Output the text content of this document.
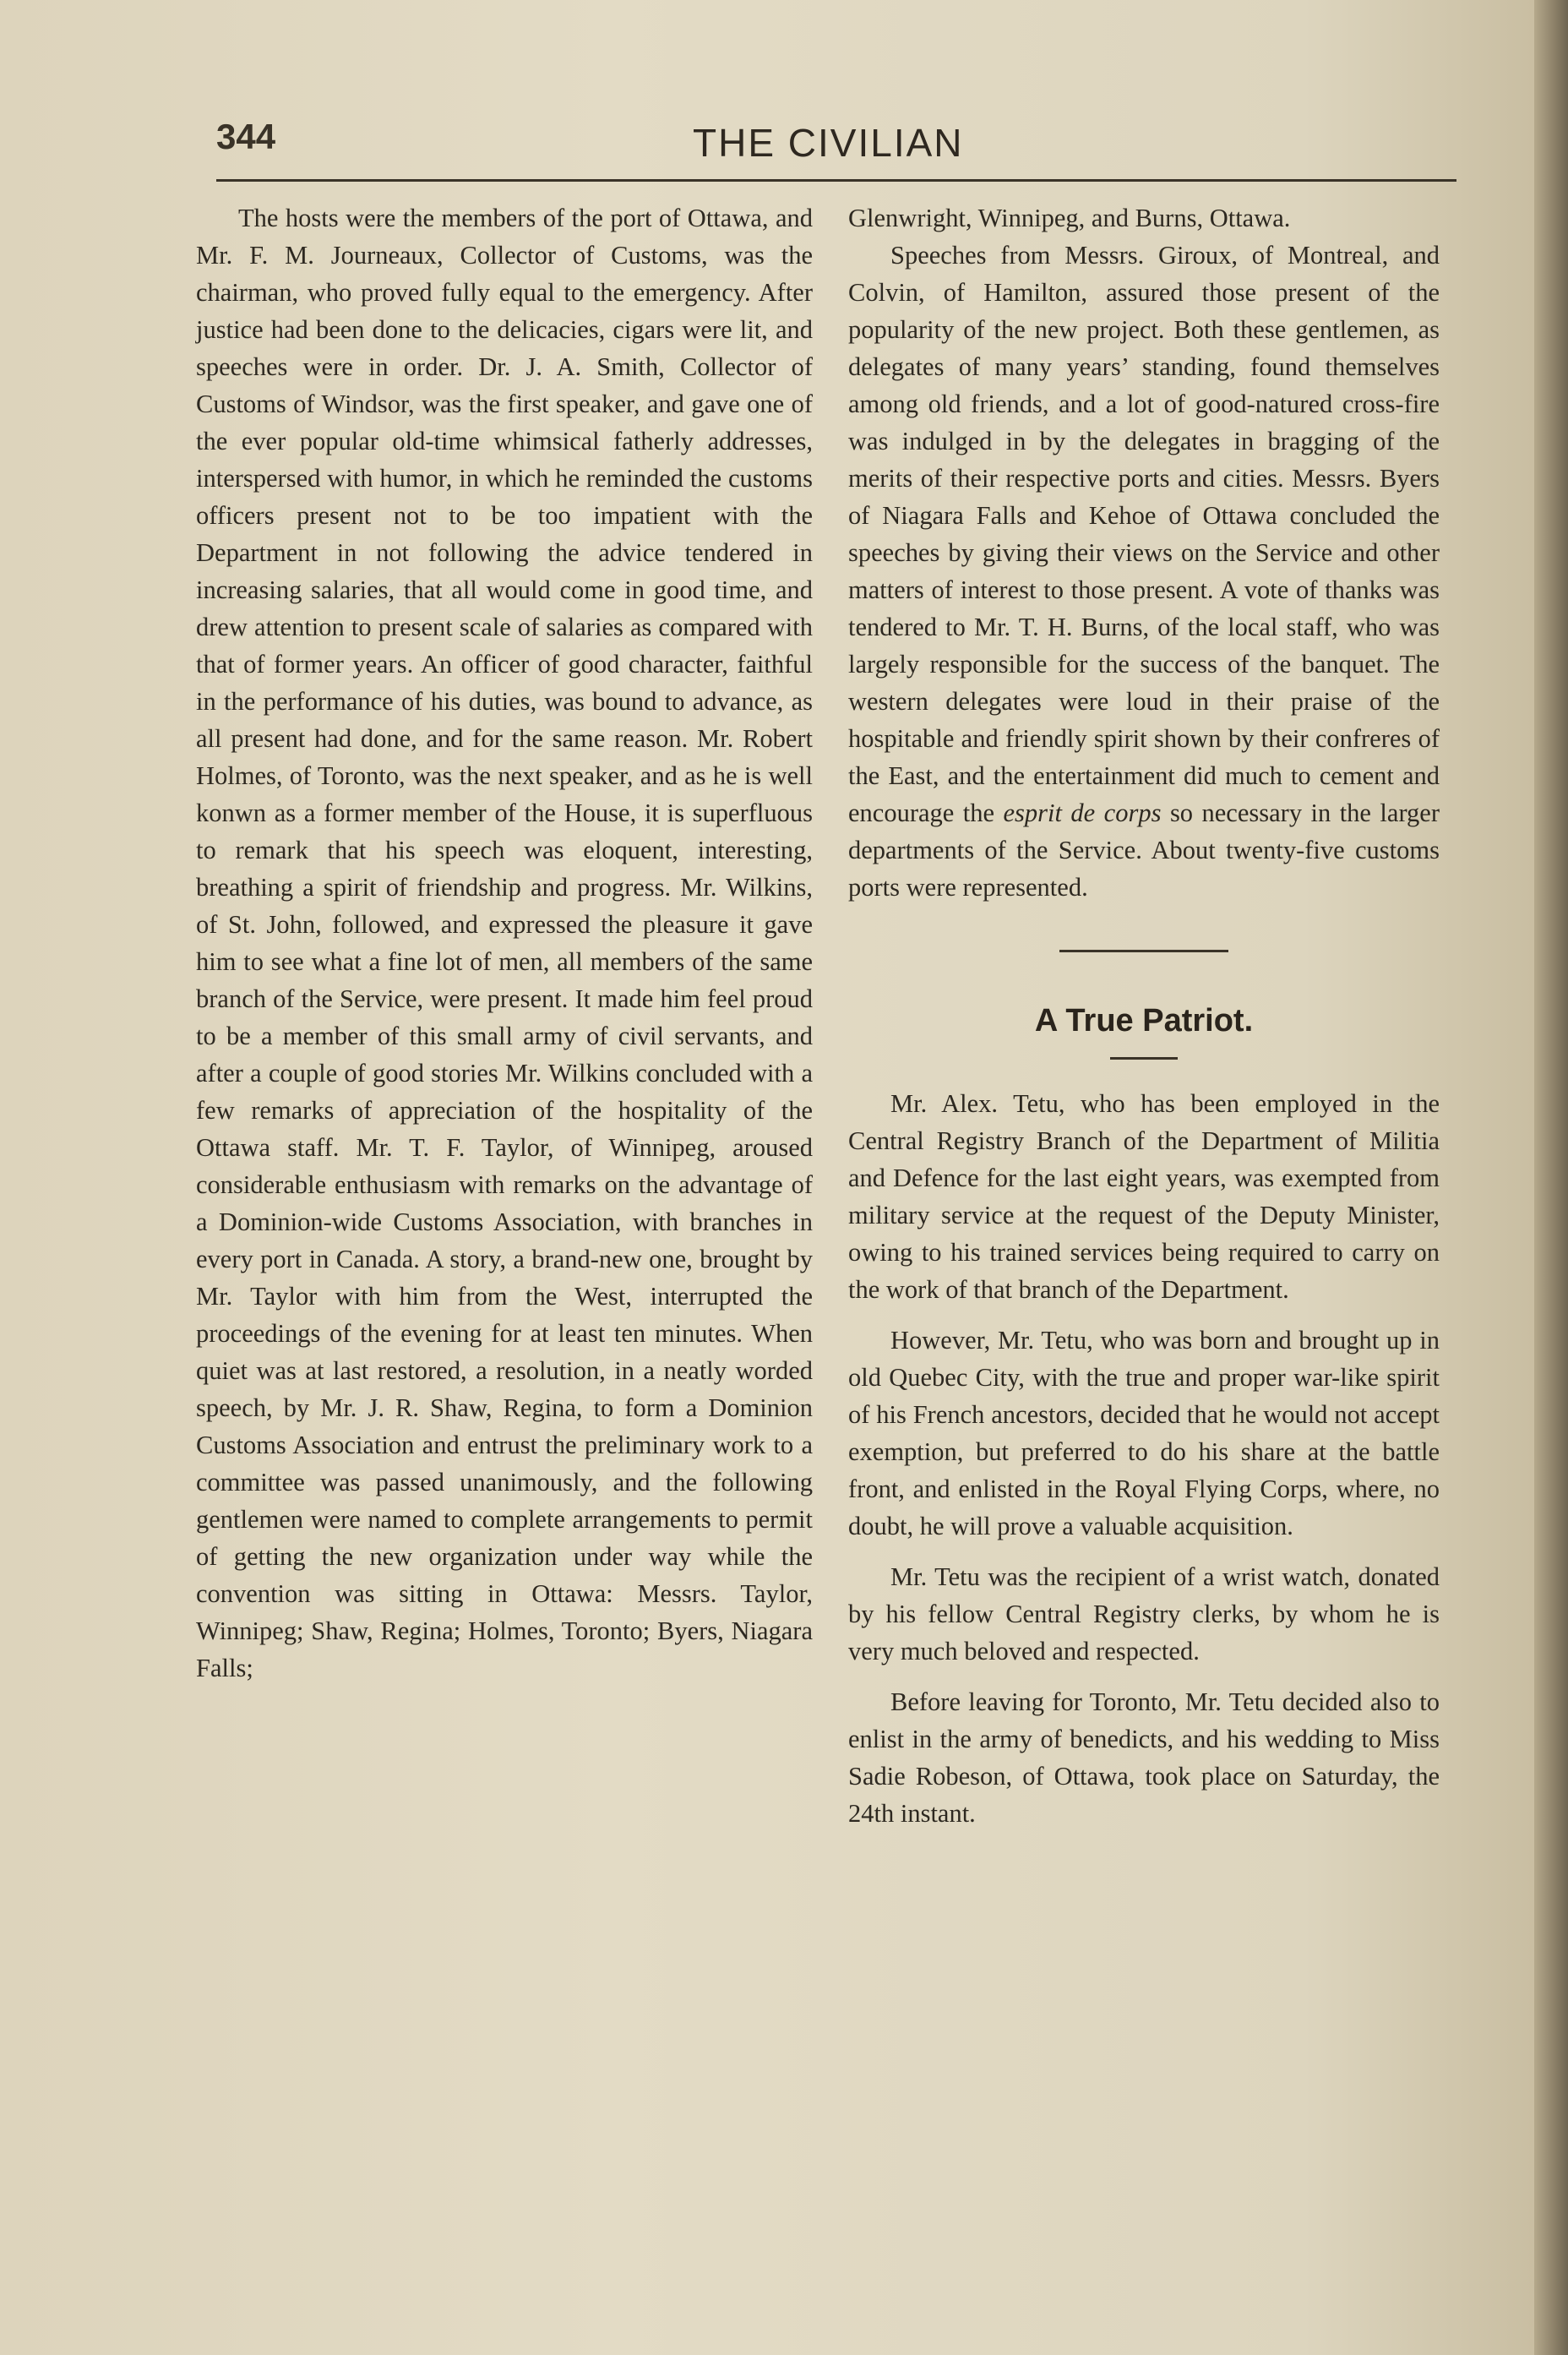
344	THE CIVILIAN

The hosts were the members of the port of Ottawa, and Mr. F. M. Journeaux, Collector of Customs, was the chairman, who proved fully equal to the emergency. After justice had been done to the delicacies, cigars were lit, and speeches were in order. Dr. J. A. Smith, Collector of Customs of Windsor, was the first speaker, and gave one of the ever popular old-time whimsical fatherly addresses, interspersed with humor, in which he reminded the customs officers present not to be too impatient with the Department in not following the advice tendered in increasing salaries, that all would come in good time, and drew attention to present scale of salaries as compared with that of former years. An officer of good character, faithful in the performance of his duties, was bound to advance, as all present had done, and for the same reason. Mr. Robert Holmes, of Toronto, was the next speaker, and as he is well konwn as a former member of the House, it is superfluous to remark that his speech was eloquent, interesting, breathing a spirit of friendship and progress. Mr. Wilkins, of St. John, followed, and expressed the pleasure it gave him to see what a fine lot of men, all members of the same branch of the Service, were present. It made him feel proud to be a member of this small army of civil servants, and after a couple of good stories Mr. Wilkins concluded with a few remarks of appreciation of the hospitality of the Ottawa staff. Mr. T. F. Taylor, of Winnipeg, aroused considerable enthusiasm with remarks on the advantage of a Dominion-wide Customs Association, with branches in every port in Canada. A story, a brand-new one, brought by Mr. Taylor with him from the West, interrupted the proceedings of the evening for at least ten minutes. When quiet was at last restored, a resolution, in a neatly worded speech, by Mr. J. R. Shaw, Regina, to form a Dominion Customs Association and entrust the preliminary work to a committee was passed unanimously, and the following gentlemen were named to complete arrangements to permit of getting the new organization under way while the convention was sitting in Ottawa: Messrs. Taylor, Winnipeg; Shaw, Regina; Holmes, Toronto; Byers, Niagara Falls;

Glenwright, Winnipeg, and Burns, Ottawa.

Speeches from Messrs. Giroux, of Montreal, and Colvin, of Hamilton, assured those present of the popularity of the new project. Both these gentlemen, as delegates of many years’ standing, found themselves among old friends, and a lot of good-natured cross-fire was indulged in by the delegates in bragging of the merits of their respective ports and cities. Messrs. Byers of Niagara Falls and Kehoe of Ottawa concluded the speeches by giving their views on the Service and other matters of interest to those present. A vote of thanks was tendered to Mr. T. H. Burns, of the local staff, who was largely responsible for the success of the banquet. The western delegates were loud in their praise of the hospitable and friendly spirit shown by their confreres of the East, and the entertainment did much to cement and encourage the esprit de corps so necessary in the larger departments of the Service. About twenty-five customs ports were represented.

A True Patriot.

Mr. Alex. Tetu, who has been employed in the Central Registry Branch of the Department of Militia and Defence for the last eight years, was exempted from military service at the request of the Deputy Minister, owing to his trained services being required to carry on the work of that branch of the Department.

However, Mr. Tetu, who was born and brought up in old Quebec City, with the true and proper war-like spirit of his French ancestors, decided that he would not accept exemption, but preferred to do his share at the battle front, and enlisted in the Royal Flying Corps, where, no doubt, he will prove a valuable acquisition.

Mr. Tetu was the recipient of a wrist watch, donated by his fellow Central Registry clerks, by whom he is very much beloved and respected.

Before leaving for Toronto, Mr. Tetu decided also to enlist in the army of benedicts, and his wedding to Miss Sadie Robeson, of Ottawa, took place on Saturday, the 24th instant.
